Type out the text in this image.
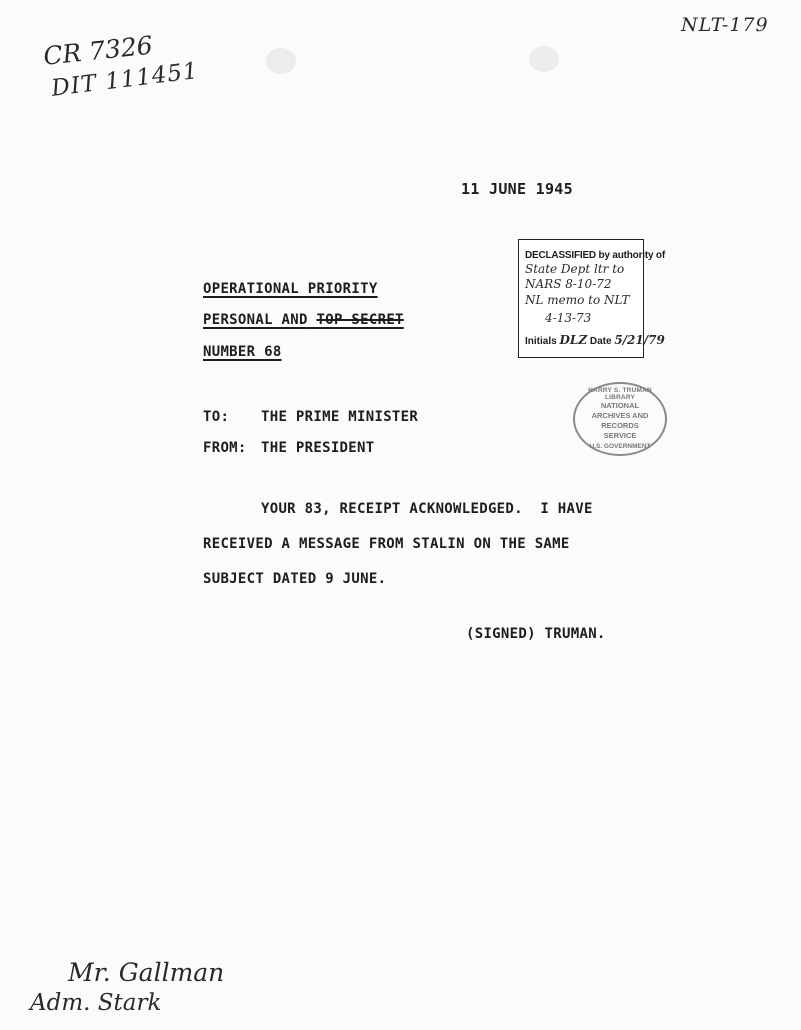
NLT-179
CR 7326
DIT 111451
11 JUNE 1945
OPERATIONAL PRIORITY
PERSONAL AND TOP SECRET
NUMBER 68
TO: THE PRIME MINISTER
FROM: THE PRESIDENT
YOUR 83, RECEIPT ACKNOWLEDGED.  I HAVE
RECEIVED A MESSAGE FROM STALIN ON THE SAME
SUBJECT DATED 9 JUNE.
(SIGNED) TRUMAN.
DECLASSIFIED by authority of
State Dept ltr to
NARS 8-10-72
NL memo to NLT
4-13-73
Initials DLZ Date 5/21/79
HARRY S. TRUMAN LIBRARY
NATIONAL
ARCHIVES AND
RECORDS
SERVICE
U.S. GOVERNMENT
Mr. Gallman
Adm. Stark
